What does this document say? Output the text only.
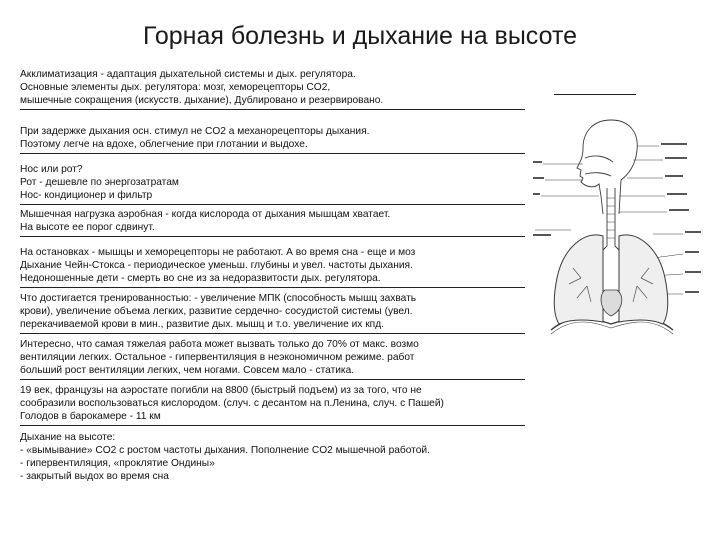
Горная болезнь и дыхание на высоте
Акклиматизация - адаптация дыхательной системы и дых. регулятора.
Основные элементы дых. регулятора: мозг, хеморецепторы CO2,
мышечные сокращения (искусств. дыхание), Дублировано и резервировано.
При задержке дыхания осн. стимул не CO2 а механорецепторы дыхания.
Поэтому легче на вдохе, облегчение при глотании и выдохе.
Нос или рот?
Рот - дешевле по энергозатратам
Нос- кондиционер и фильтр
Мышечная нагрузка аэробная - когда кислорода от дыхания мышцам хватает.
На высоте ее порог сдвинут.
На остановках - мышцы и хеморецепторы не работают. А во время сна - еще и моз
Дыхание Чейн-Стокса - периодическое уменьш. глубины и увел. частоты дыхания.
Недоношенные дети - смерть во сне из за недоразвитости дых. регулятора.
Что достигается тренированностью: - увеличение МПК (способность мышц захвать
крови), увеличение объема легких, развитие сердечно- сосудистой системы (увел.
перекачиваемой крови в мин., развитие дых. мышц и т.о. увеличение их кпд.
Интересно, что самая тяжелая работа может вызвать только до 70% от макс. возмо
вентиляции легких. Остальное - гипервентиляция в неэкономичном режиме. работ
больший рост вентиляции легких, чем ногами. Совсем мало - статика.
19 век, французы на аэростате погибли на 8800 (быстрый подъем) из за того, что не
сообразили воспользоваться кислородом. (случ. с десантом на п.Ленина, случ. с Пашей)
Голодов в барокамере - 11 км
Дыхание на высоте:
- «вымывание» CO2 с ростом частоты дыхания. Пополнение CO2 мышечной работой.
- гипервентиляция, «проклятие Ондины»
- закрытый выдох во время сна
